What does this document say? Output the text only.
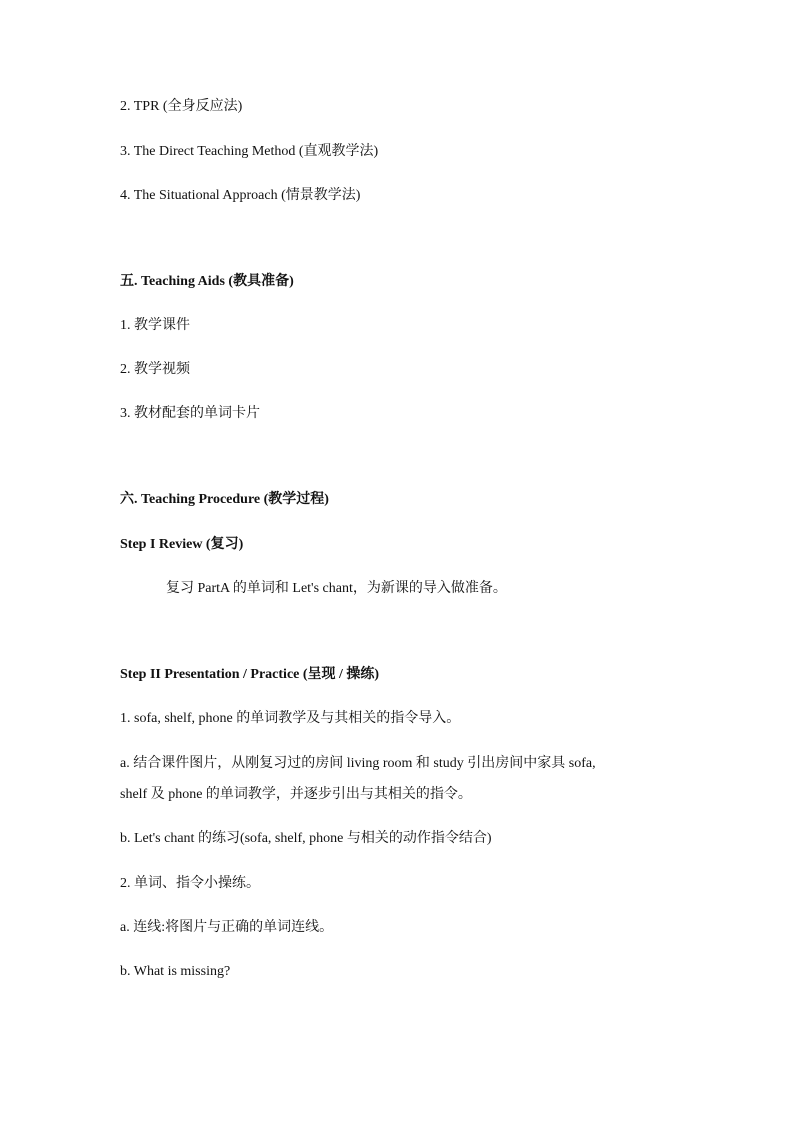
2. TPR (全身反应法)
3. The Direct Teaching Method (直观教学法)
4. The Situational Approach (情景教学法)
五. Teaching Aids (教具准备)
1. 教学课件
2. 教学视频
3. 教材配套的单词卡片
六. Teaching Procedure (教学过程)
Step I Review (复习)
复习 PartA 的单词和 Let's chant，为新课的导入做准备。
Step II Presentation / Practice (呈现 / 操练)
1. sofa, shelf, phone 的单词教学及与其相关的指令导入。
a. 结合课件图片，从刚复习过的房间 living room 和 study 引出房间中家具 sofa,
shelf 及 phone 的单词教学，并逐步引出与其相关的指令。
b. Let's chant 的练习(sofa, shelf, phone 与相关的动作指令结合)
2. 单词、指令小操练。
a. 连线:将图片与正确的单词连线。
b. What is missing?
